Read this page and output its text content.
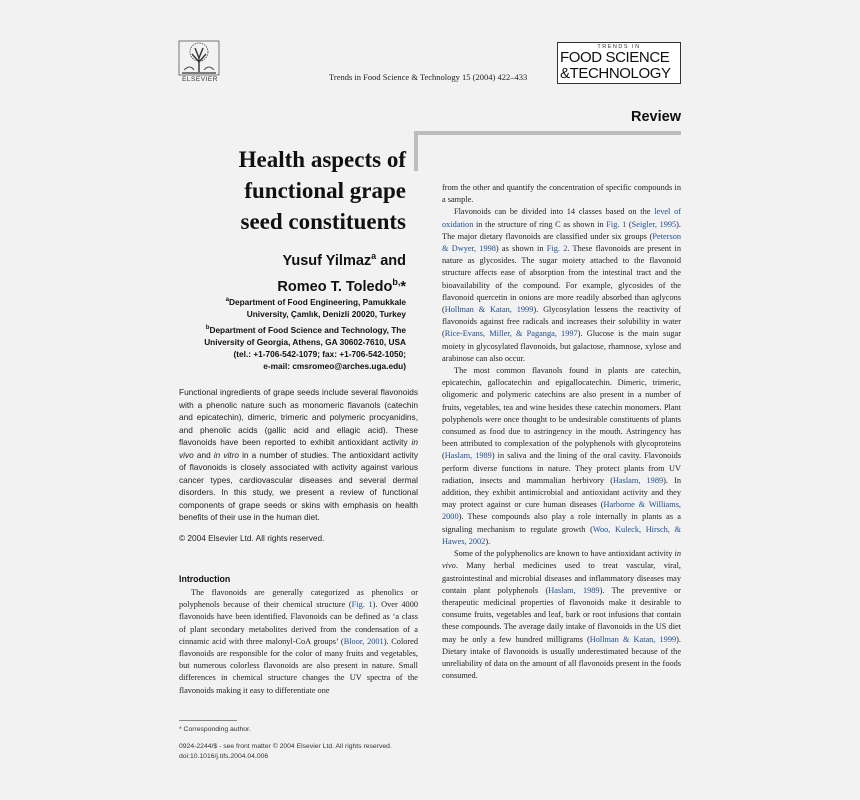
ELSEVIER	Trends in Food Science & Technology 15 (2004) 422–433
TRENDS IN
FOOD SCIENCE
&TECHNOLOGY
Review
Health aspects of
functional grape
seed constituents
Yusuf Yilmaz$^a$ and
Romeo T. Toledo$^{b,}$*
$^a$Department of Food Engineering, Pamukkale
University, Çamlık, Denizli 20020, Turkey
$^b$Department of Food Science and Technology, The
University of Georgia, Athens, GA 30602-7610, USA
(tel.: +1-706-542-1079; fax: +1-706-542-1050;
e-mail: cmsromeo@arches.uga.edu)

Functional ingredients of grape seeds include several flavonoids with a phenolic nature such as monomeric flavanols (catechin and epicatechin), dimeric, trimeric and polymeric procyanidins, and phenolic acids (gallic acid and ellagic acid). These flavonoids have been reported to exhibit antioxidant activity in vivo and in vitro in a number of studies. The antioxidant activity of flavonoids is closely associated with activity against various cancer types, cardiovascular diseases and several dermal disorders. In this study, we present a review of functional components of grape seeds or skins with emphasis on health benefits of their use in the human diet.

© 2004 Elsevier Ltd. All rights reserved.
Introduction

The flavonoids are generally categorized as phenolics or polyphenols because of their chemical structure (Fig. 1). Over 4000 flavonoids have been identified. Flavonoids can be defined as ‘a class of plant secondary metabolites derived from the condensation of a cinnamic acid with three malonyl-CoA groups’ (Bloor, 2001). Colored flavonoids are responsible for the color of many fruits and vegetables, but numerous colorless flavonoids are also present in nature. Small differences in chemical structure changes the UV spectra of the flavonoids making it easy to differentiate one

* Corresponding author.
0924-2244/$ - see front matter © 2004 Elsevier Ltd. All rights reserved.
doi:10.1016/j.tifs.2004.04.006

from the other and quantify the concentration of specific compounds in a sample.

Flavonoids can be divided into 14 classes based on the level of oxidation in the structure of ring C as shown in Fig. 1 (Seigler, 1995). The major dietary flavonoids are classified under six groups (Peterson & Dwyer, 1998) as shown in Fig. 2. These flavonoids are present in nature as glycosides. The sugar moiety attached to the flavonoid structure affects ease of absorption from the intestinal tract and the bioavailability of the compound. For example, glycosides of the flavonoid quercetin in onions are more readily absorbed than aglycons (Hollman & Katan, 1999). Glycosylation lessens the reactivity of flavonoids against free radicals and increases their solubility in water (Rice-Evans, Miller, & Paganga, 1997). Glucose is the main sugar moiety in glycosylated flavonoids, but galactose, rhamnose, xylose and arabinose can also occur.

The most common flavanols found in plants are catechin, epicatechin, gallocatechin and epigallocatechin. Dimeric, trimeric, oligomeric and polymeric catechins are also present in a number of fruits, vegetables, tea and wine besides these catechin monomers. Plant polyphenols were once thought to be undesirable constituents of plants consumed as food due to astringency in the mouth. Astringency has been attributed to complexation of the polyphenols with glycoproteins (Haslam, 1989) in saliva and the lining of the oral cavity. Flavonoids perform diverse functions in nature. They protect plants from UV radiation, insects and mammalian herbivory (Haslam, 1989). In addition, they exhibit antimicrobial and antioxidant activity and they may protect against or cure human diseases (Harborne & Williams, 2000). These compounds also play a role internally in plants as a signaling mechanism to regulate growth (Woo, Kuleck, Hirsch, & Hawes, 2002).

Some of the polyphenolics are known to have antioxidant activity in vivo. Many herbal medicines used to treat vascular, viral, gastrointestinal and microbial diseases and inflammatory diseases may contain plant polyphenols (Haslam, 1989). The preventive or therapeutic medicinal properties of flavonoids make it desirable to consume fruits, vegetables and leaf, bark or root infusions that contain these compounds. The average daily intake of flavonoids in the US diet may be only a few hundred milligrams (Hollman & Katan, 1999). Dietary intake of flavonoids is usually underestimated because of the unreliability of data on the amount of all flavonoids present in the foods consumed.
